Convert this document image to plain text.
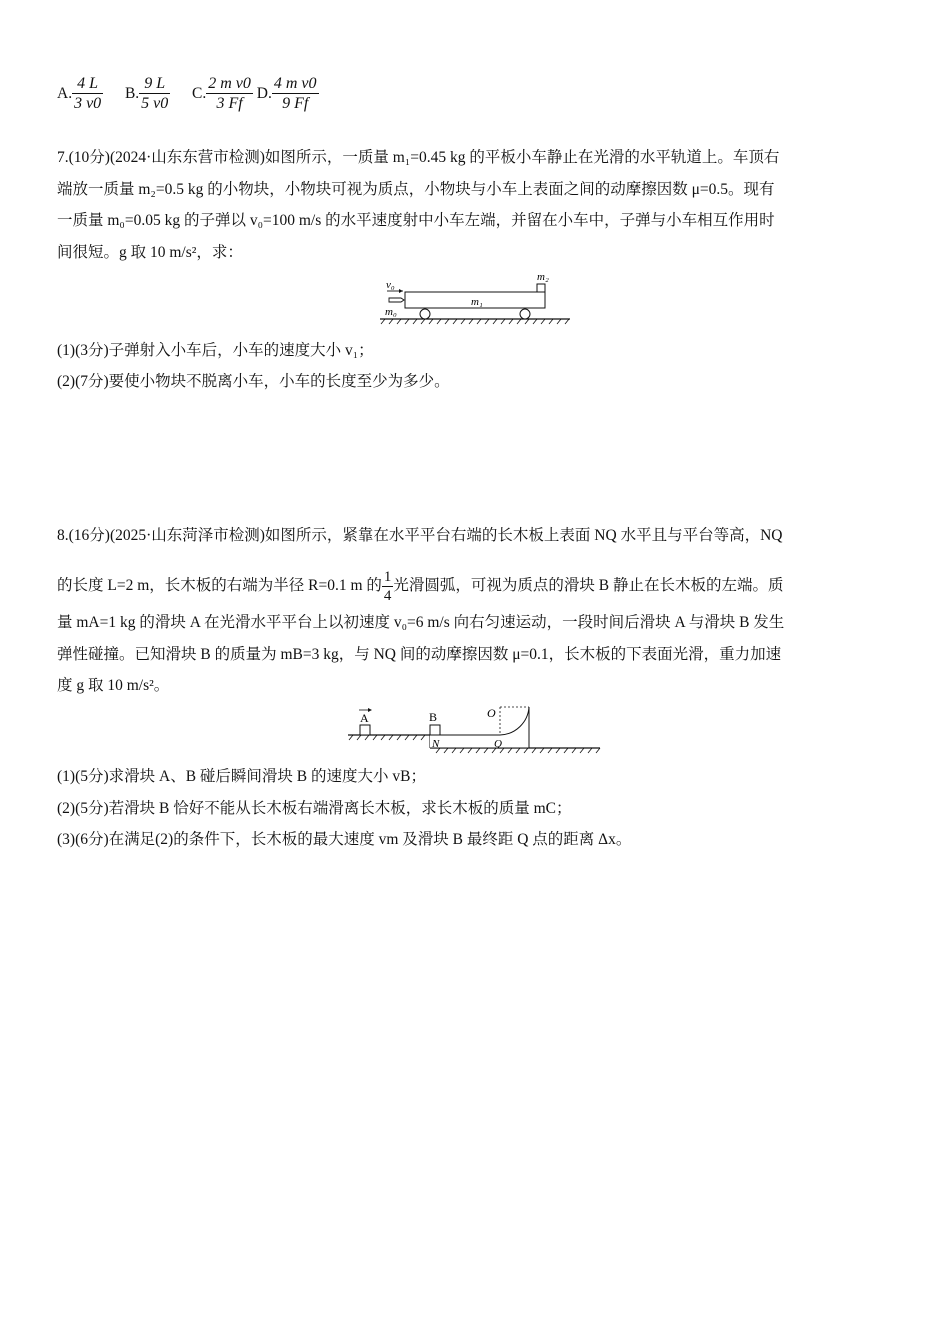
A. $\frac{4 L}{3 v0} B$. $\frac{9 L}{5 v0} C$. $\frac{\text{2 m v0}}{3 Ff} D$. $\frac{\text{4 m v0}}{9 Ff}$
7.(10分)(2024·山东东营市检测)如图所示，一质量 m₁=0.45 kg 的平板小车静止在光滑的水平轨道上。车顶右
端放一质量 m₂=0.5 kg 的小物块，小物块可视为质点，小物块与小车上表面之间的动摩擦因数 μ=0.5。现有
一质量 m₀=0.05 kg 的子弹以 v₀=100 m/s 的水平速度射中小车左端，并留在小车中，子弹与小车相互作用时
间很短。g 取 10 m/s²，求：
v₀
m₀
m₁
m₂
(1)(3分)子弹射入小车后，小车的速度大小 v₁；
(2)(7分)要使小物块不脱离小车，小车的长度至少为多少。
8.(16分)(2025·山东菏泽市检测)如图所示，紧靠在水平平台右端的长木板上表面 NQ 水平且与平台等高，NQ
的长度 L=2 m，长木板的右端为半径 R=0.1 m 的 $\frac{1}{4}$ 光滑圆弧，可视为质点的滑块 B 静止在长木板的左端。质
量 mA=1 kg 的滑块 A 在光滑水平平台上以初速度 v₀=6 m/s 向右匀速运动，一段时间后滑块 A 与滑块 B 发生
弹性碰撞。已知滑块 B 的质量为 mB=3 kg，与 NQ 间的动摩擦因数 μ=0.1，长木板的下表面光滑，重力加速
度 g 取 10 m/s²。
A	B	O
N	Q
(1)(5分)求滑块 A、B 碰后瞬间滑块 B 的速度大小 vB；
(2)(5分)若滑块 B 恰好不能从长木板右端滑离长木板，求长木板的质量 mC；
(3)(6分)在满足(2)的条件下，长木板的最大速度 vm 及滑块 B 最终距 Q 点的距离 Δx。
